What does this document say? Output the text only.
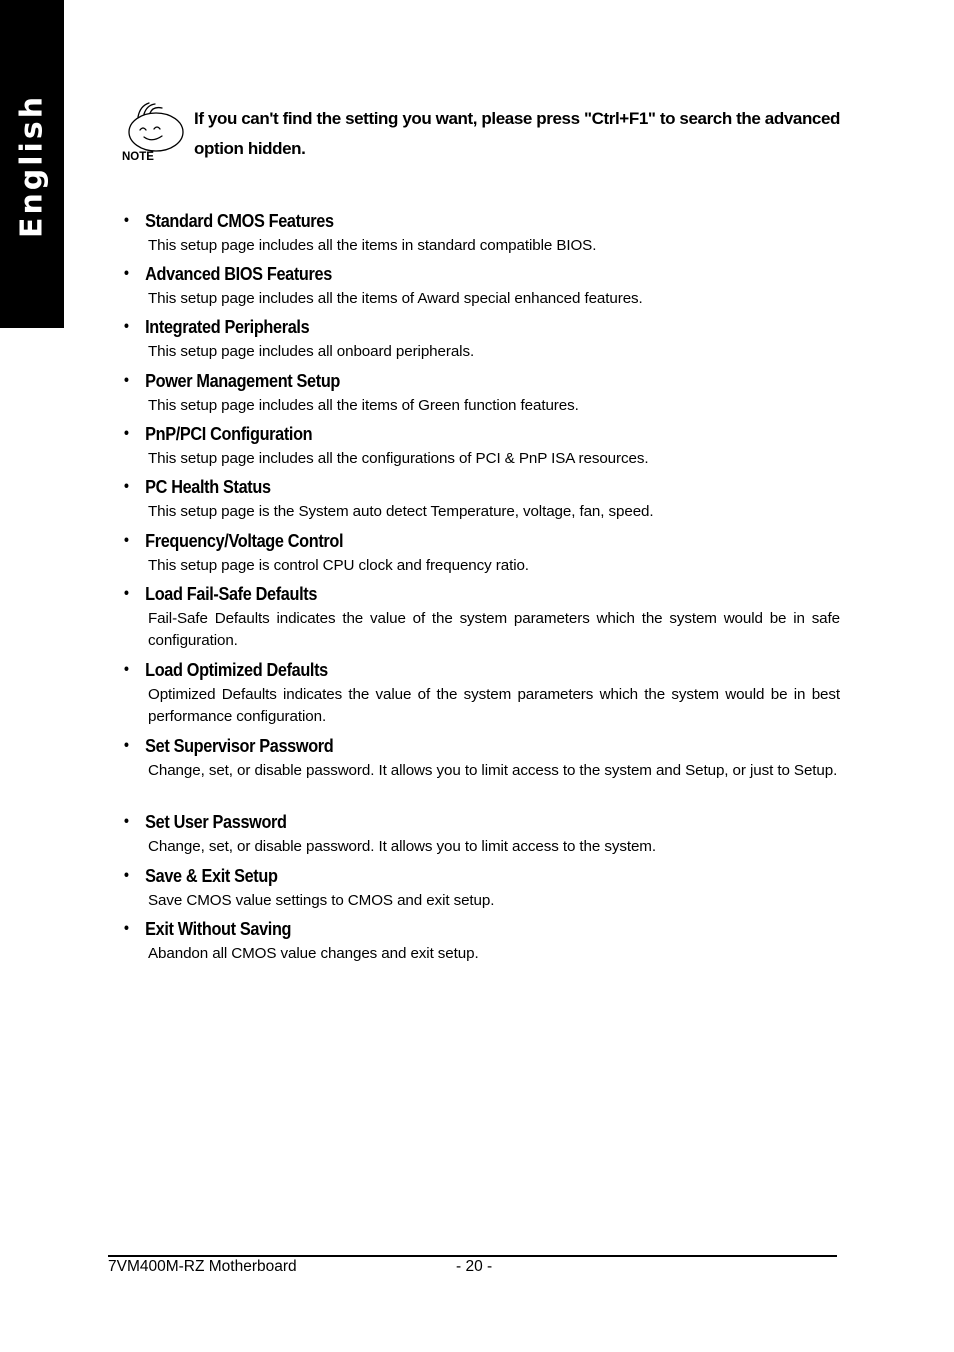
English	NOTE
If you can't find the setting you want, please press "Ctrl+F1" to search the advanced option hidden.
• Standard CMOS Features
This setup page includes all the items in standard compatible BIOS.
• Advanced BIOS Features
This setup page includes all the items of Award special enhanced features.
• Integrated Peripherals
This setup page includes all onboard peripherals.
• Power Management Setup
This setup page includes all the items of Green function features.
• PnP/PCI Configuration
This setup page includes all the configurations of PCI & PnP ISA resources.
• PC Health Status
This setup page is the System auto detect Temperature, voltage, fan, speed.
• Frequency/Voltage Control
This setup page is control CPU clock and frequency ratio.
• Load Fail-Safe Defaults
Fail-Safe Defaults indicates the value of the system parameters which the system would be in safe configuration.
• Load Optimized Defaults
Optimized Defaults indicates the value of the system parameters which the system would be in best performance configuration.
• Set Supervisor Password
Change, set, or disable password. It allows you to limit access to the system and Setup, or just to Setup.
• Set User Password
Change, set, or disable password. It allows you to limit access to the system.
• Save & Exit Setup
Save CMOS value settings to CMOS and exit setup.
• Exit Without Saving
Abandon all CMOS value changes and exit setup.
7VM400M-RZ Motherboard	- 20 -
